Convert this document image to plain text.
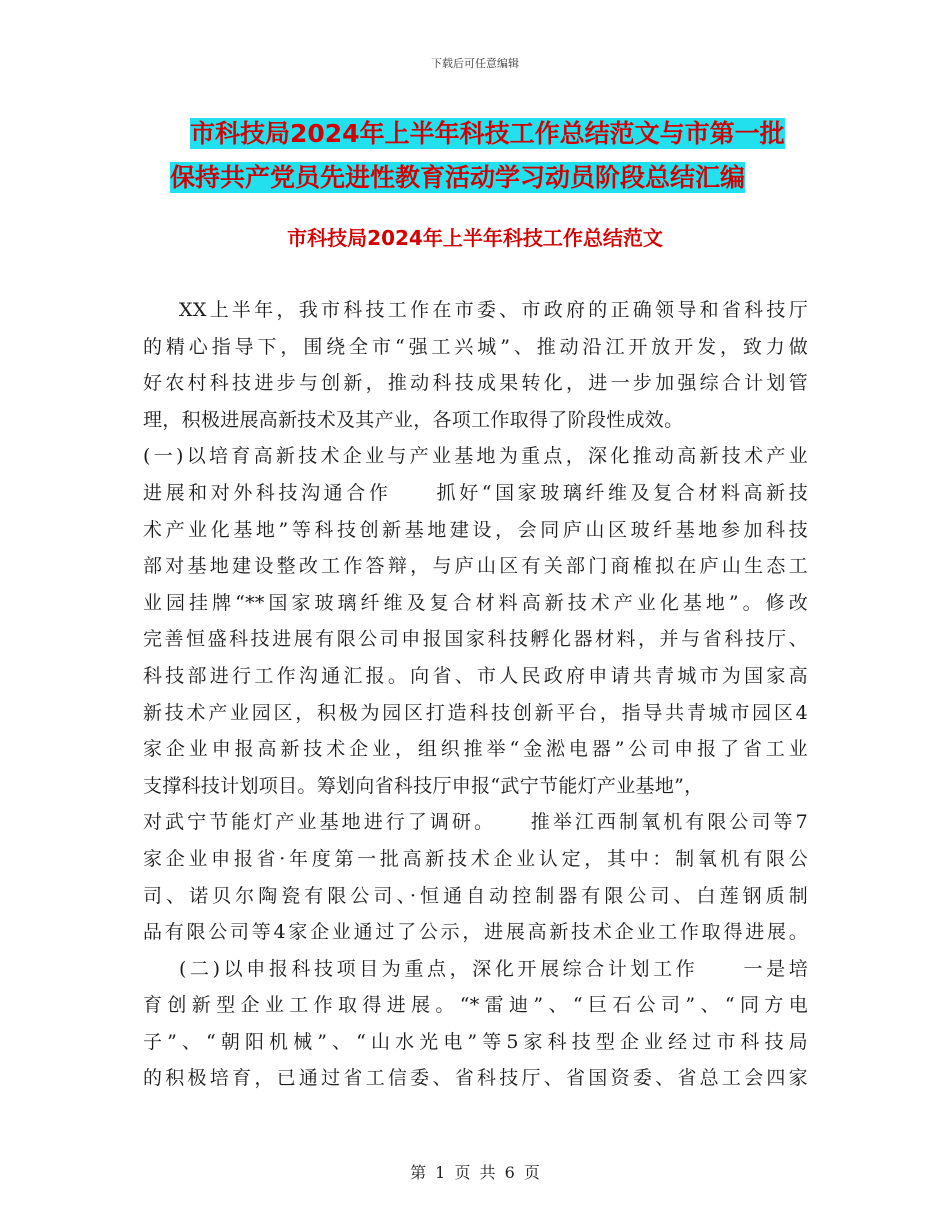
下载后可任意编辑
市科技局2024年上半年科技工作总结范文与市第一批
保持共产党员先进性教育活动学习动员阶段总结汇编
市科技局2024年上半年科技工作总结范文
XX上半年，我市科技工作在市委、市政府的正确领导和省科技厅
的精心指导下，围绕全市“强工兴城”、推动沿江开放开发，致力做
好农村科技进步与创新，推动科技成果转化，进一步加强综合计划管
理，积极进展高新技术及其产业，各项工作取得了阶段性成效。
(一)以培育高新技术企业与产业基地为重点，深化推动高新技术产业
进展和对外科技沟通合作　　抓好“国家玻璃纤维及复合材料高新技
术产业化基地”等科技创新基地建设，会同庐山区玻纤基地参加科技
部对基地建设整改工作答辩，与庐山区有关部门商榷拟在庐山生态工
业园挂牌“**国家玻璃纤维及复合材料高新技术产业化基地”。修改
完善恒盛科技进展有限公司申报国家科技孵化器材料，并与省科技厅、
科技部进行工作沟通汇报。向省、市人民政府申请共青城市为国家高
新技术产业园区，积极为园区打造科技创新平台，指导共青城市园区4
家企业申报高新技术企业，组织推举“金淞电器”公司申报了省工业
支撑科技计划项目。筹划向省科技厅申报“武宁节能灯产业基地”，
对武宁节能灯产业基地进行了调研。　　推举江西制氧机有限公司等7
家企业申报省·年度第一批高新技术企业认定，其中：制氧机有限公
司、诺贝尔陶瓷有限公司、·恒通自动控制器有限公司、白莲钢质制
品有限公司等4家企业通过了公示，进展高新技术企业工作取得进展。
(二)以申报科技项目为重点，深化开展综合计划工作　　一是培
育创新型企业工作取得进展。“*雷迪”、“巨石公司”、“同方电
子”、“朝阳机械”、“山水光电”等5家科技型企业经过市科技局
的积极培育，已通过省工信委、省科技厅、省国资委、省总工会四家
第 1 页 共 6 页
